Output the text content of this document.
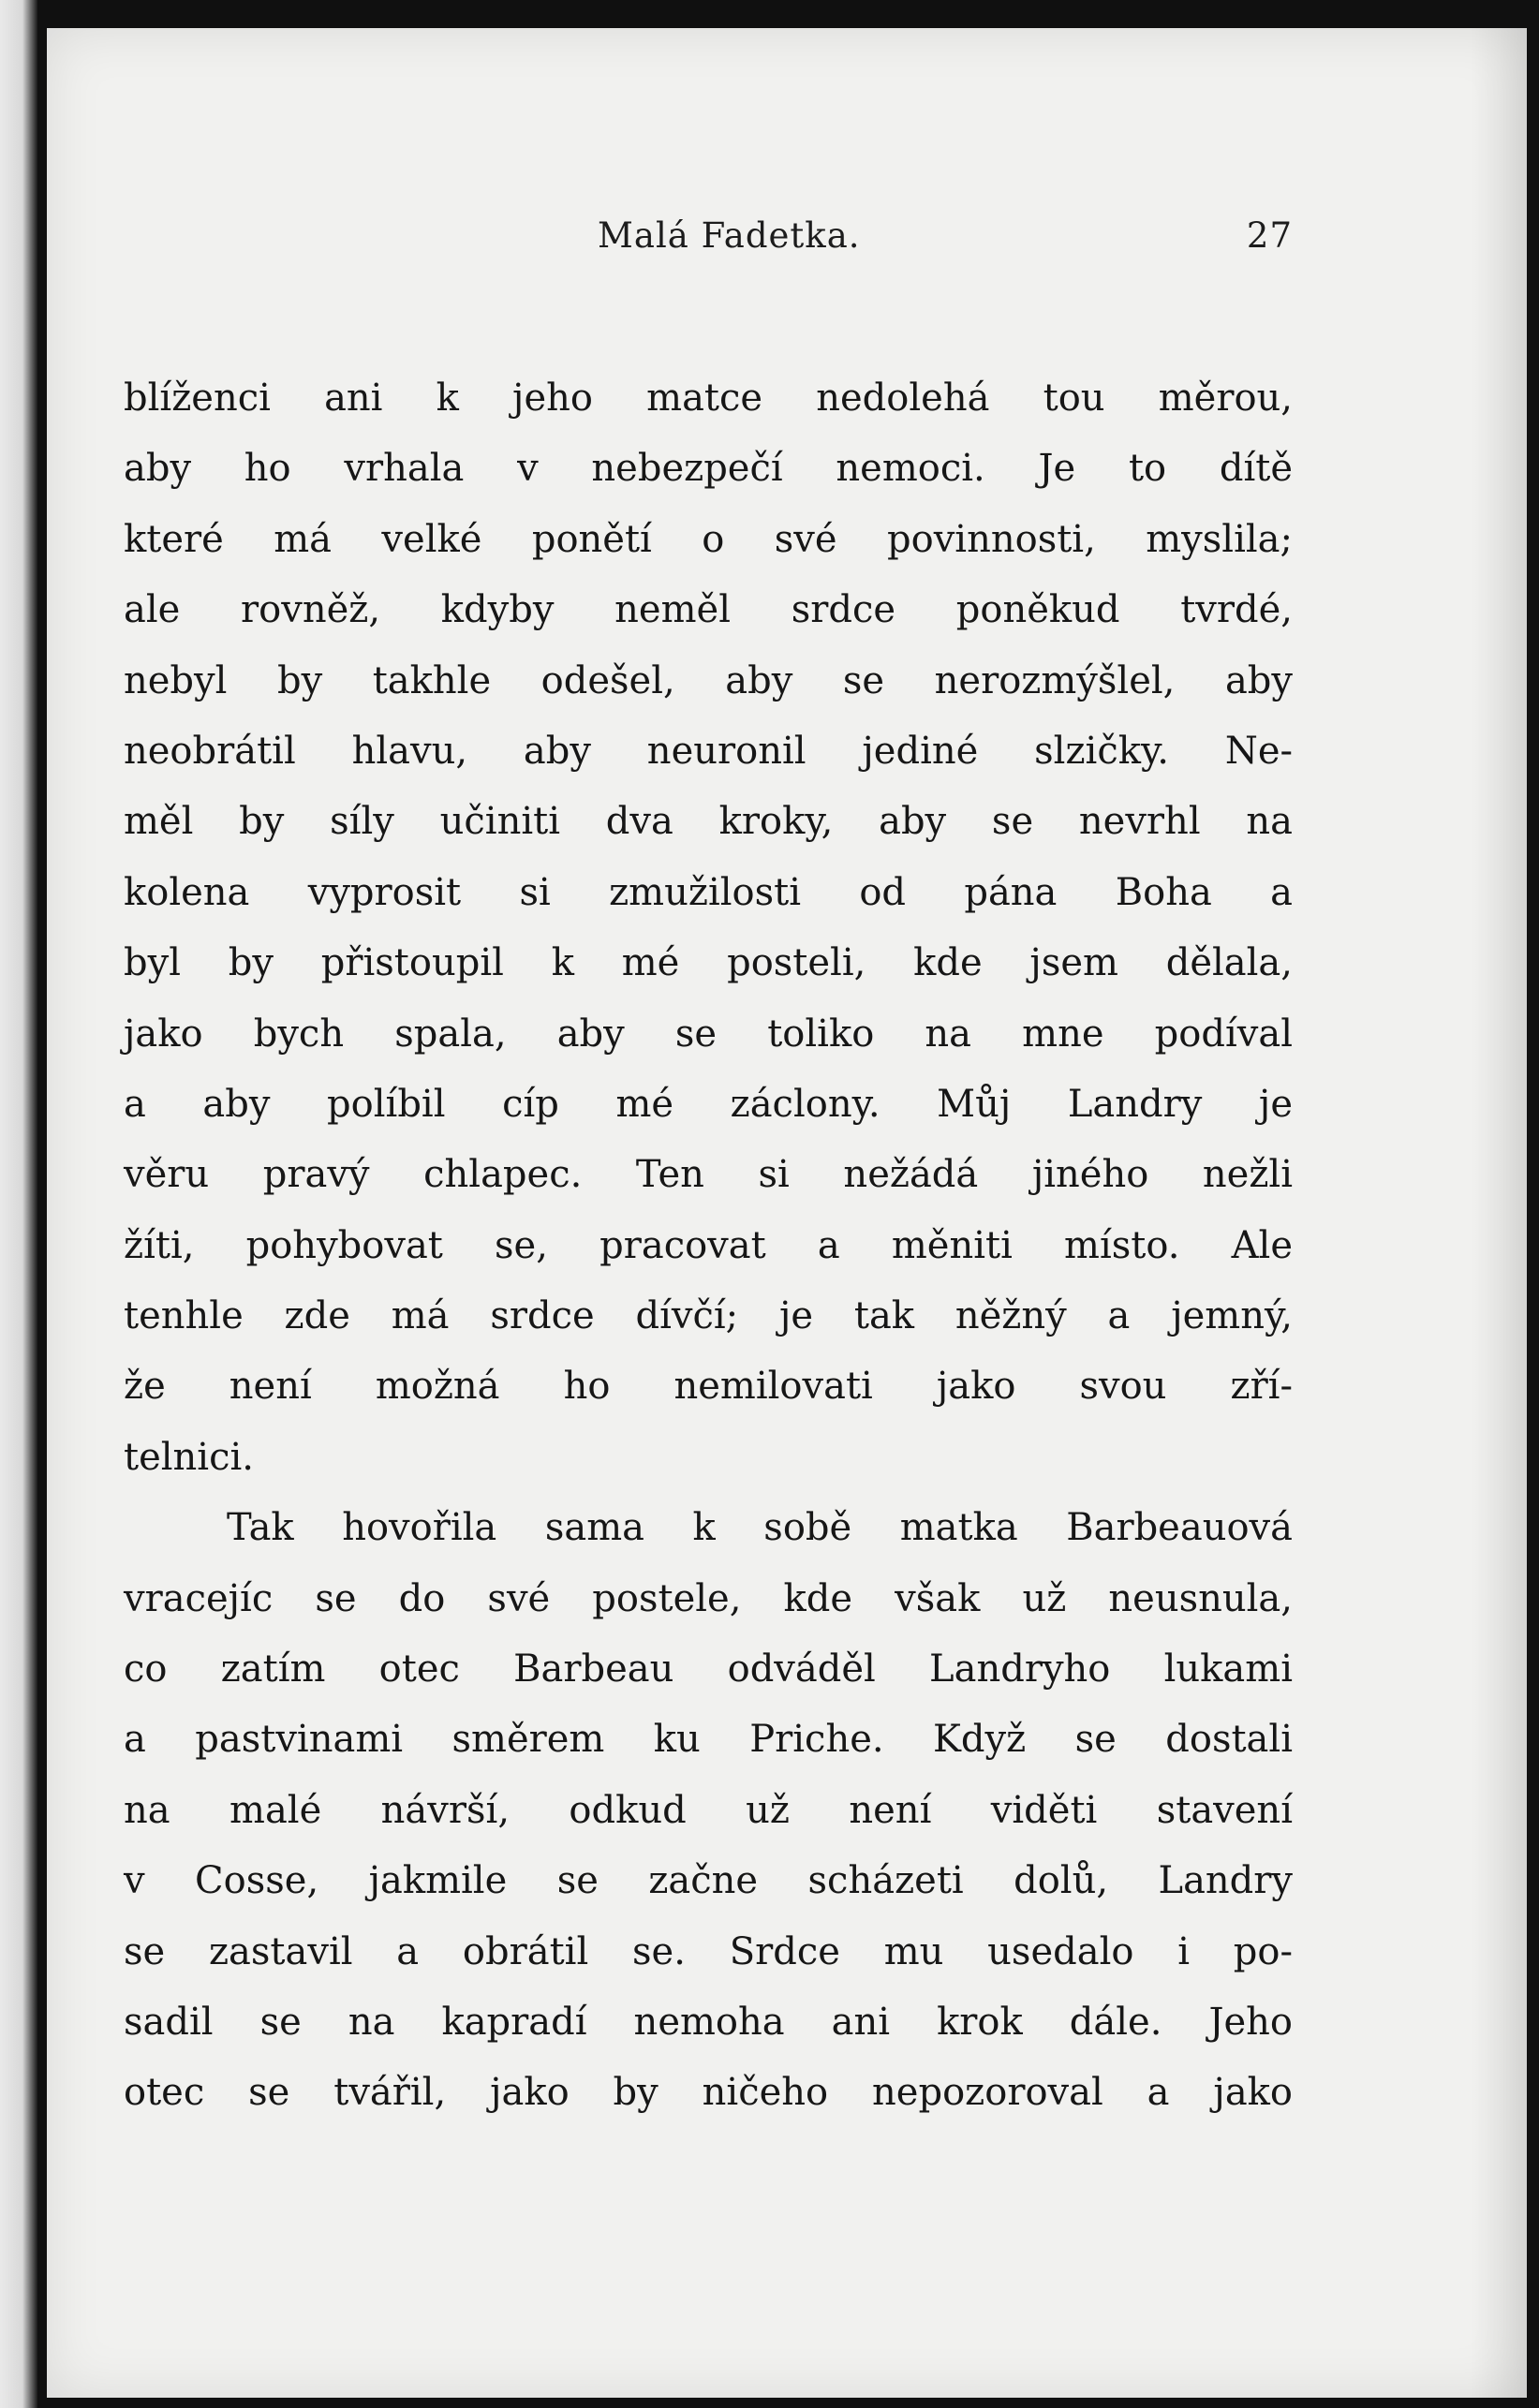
Malá Fadetka.	27
blíženci ani k jeho matce nedolehá tou měrou,
aby ho vrhala v nebezpečí nemoci. Je to dítě
které má velké ponětí o své povinnosti, myslila;
ale rovněž, kdyby neměl srdce poněkud tvrdé,
nebyl by takhle odešel, aby se nerozmýšlel, aby
neobrátil hlavu, aby neuronil jediné slzičky. Ne-
měl by síly učiniti dva kroky, aby se nevrhl na
kolena vyprosit si zmužilosti od pána Boha a
byl by přistoupil k mé posteli, kde jsem dělala,
jako bych spala, aby se toliko na mne podíval
a aby políbil cíp mé záclony. Můj Landry je
věru pravý chlapec. Ten si nežádá jiného nežli
žíti, pohybovat se, pracovat a měniti místo. Ale
tenhle zde má srdce dívčí; je tak něžný a jemný,
že není možná ho nemilovati jako svou zří-
telnici.
Tak hovořila sama k sobě matka Barbeauová
vracejíc se do své postele, kde však už neusnula,
co zatím otec Barbeau odváděl Landryho lukami
a pastvinami směrem ku Priche. Když se dostali
na malé návrší, odkud už není viděti stavení
v Cosse, jakmile se začne scházeti dolů, Landry
se zastavil a obrátil se. Srdce mu usedalo i po-
sadil se na kapradí nemoha ani krok dále. Jeho
otec se tvářil, jako by ničeho nepozoroval a jako
